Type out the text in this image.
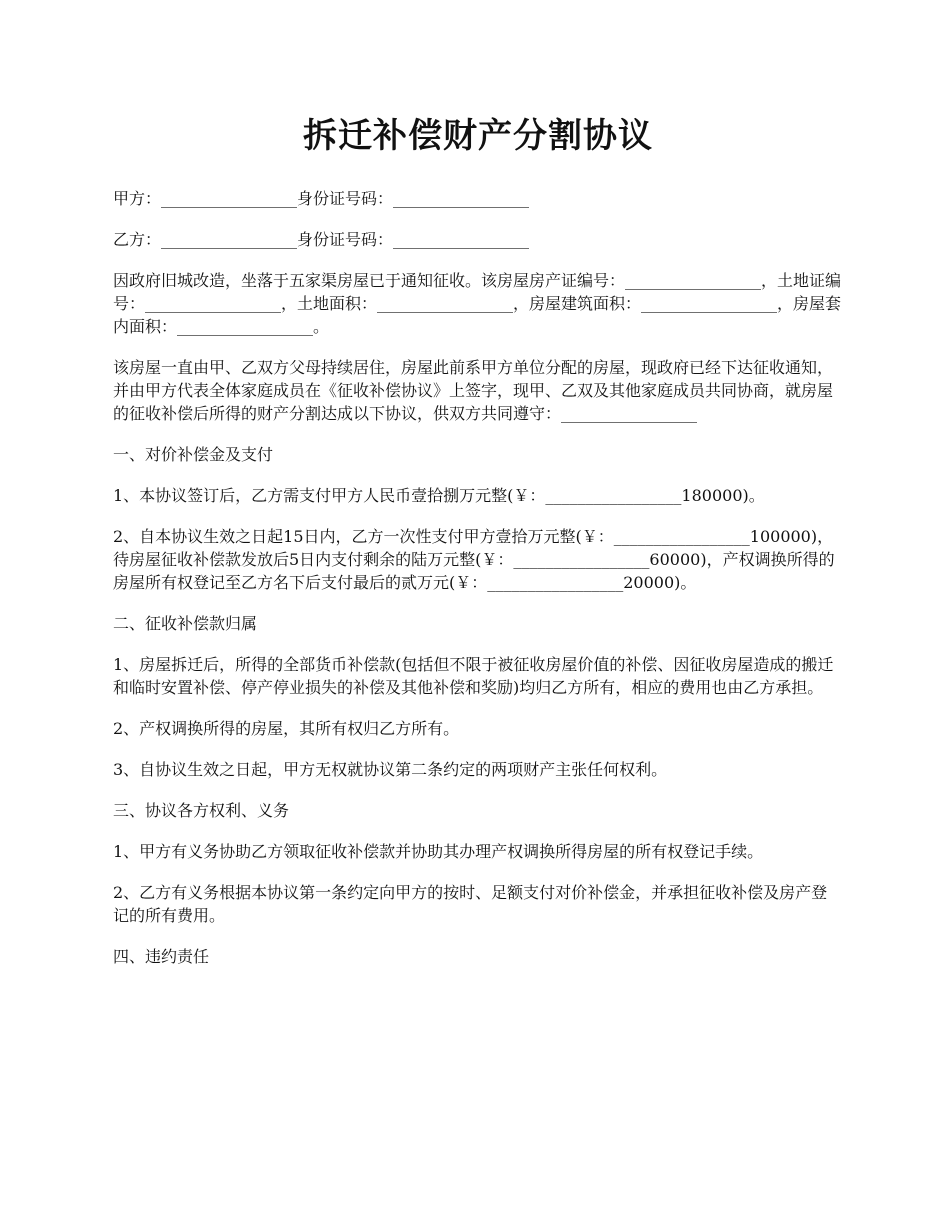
拆迁补偿财产分割协议

甲方：_________________身份证号码：_________________

乙方：_________________身份证号码：_________________

因政府旧城改造，坐落于五家渠房屋已于通知征收。该房屋房产证编号：_________________，土地证编号：_________________，土地面积：_________________，房屋建筑面积：_________________，房屋套内面积：_________________。

该房屋一直由甲、乙双方父母持续居住，房屋此前系甲方单位分配的房屋，现政府已经下达征收通知，并由甲方代表全体家庭成员在《征收补偿协议》上签字，现甲、乙双及其他家庭成员共同协商，就房屋的征收补偿后所得的财产分割达成以下协议，供双方共同遵守：_________________

一、对价补偿金及支付

1、本协议签订后，乙方需支付甲方人民币壹拾捌万元整(￥：_________________180000)。

2、自本协议生效之日起15日内，乙方一次性支付甲方壹拾万元整(￥：_________________100000)，待房屋征收补偿款发放后5日内支付剩余的陆万元整(￥：_________________60000)，产权调换所得的房屋所有权登记至乙方名下后支付最后的贰万元(￥：_________________20000)。

二、征收补偿款归属

1、房屋拆迁后，所得的全部货币补偿款(包括但不限于被征收房屋价值的补偿、因征收房屋造成的搬迁和临时安置补偿、停产停业损失的补偿及其他补偿和奖励)均归乙方所有，相应的费用也由乙方承担。

2、产权调换所得的房屋，其所有权归乙方所有。

3、自协议生效之日起，甲方无权就协议第二条约定的两项财产主张任何权利。

三、协议各方权利、义务

1、甲方有义务协助乙方领取征收补偿款并协助其办理产权调换所得房屋的所有权登记手续。

2、乙方有义务根据本协议第一条约定向甲方的按时、足额支付对价补偿金，并承担征收补偿及房产登记的所有费用。

四、违约责任
